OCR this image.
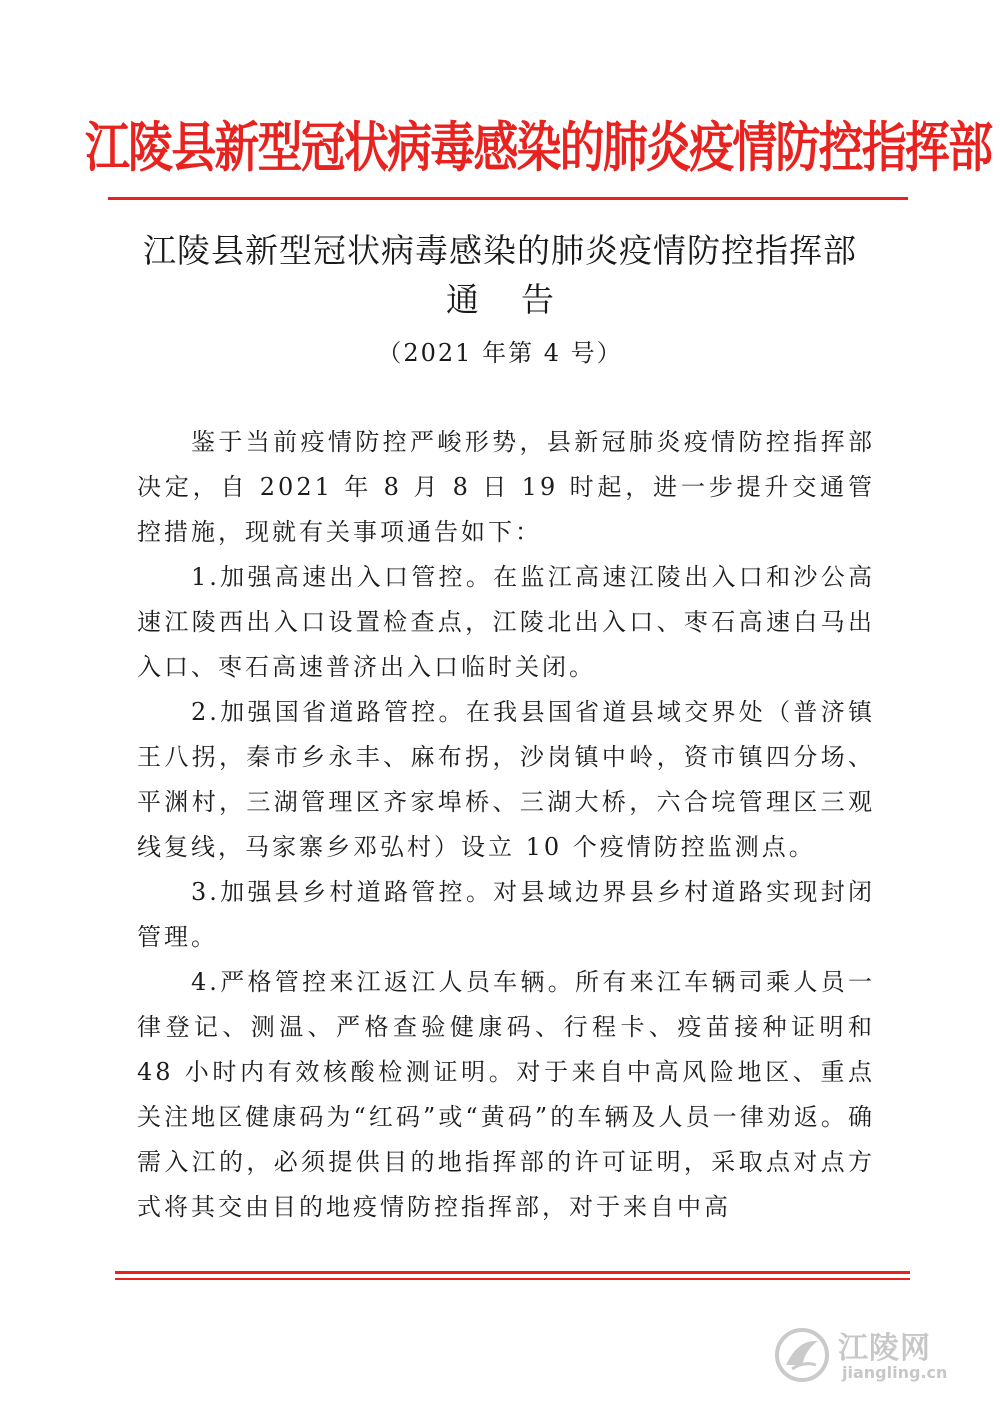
江陵县新型冠状病毒感染的肺炎疫情防控指挥部
江陵县新型冠状病毒感染的肺炎疫情防控指挥部
通告
（2021 年第 4 号）

鉴于当前疫情防控严峻形势，县新冠肺炎疫情防控指挥部决定，自 2021 年 8 月 8 日 19 时起，进一步提升交通管控措施，现就有关事项通告如下：

1.加强高速出入口管控。在监江高速江陵出入口和沙公高速江陵西出入口设置检查点，江陵北出入口、枣石高速白马出入口、枣石高速普济出入口临时关闭。

2.加强国省道路管控。在我县国省道县域交界处（普济镇王八拐，秦市乡永丰、麻布拐，沙岗镇中岭，资市镇四分场、平渊村，三湖管理区齐家埠桥、三湖大桥，六合垸管理区三观线复线，马家寨乡邓弘村）设立 10 个疫情防控监测点。

3.加强县乡村道路管控。对县域边界县乡村道路实现封闭管理。

4.严格管控来江返江人员车辆。所有来江车辆司乘人员一律登记、测温、严格查验健康码、行程卡、疫苗接种证明和 48 小时内有效核酸检测证明。对于来自中高风险地区、重点关注地区健康码为“红码”或“黄码”的车辆及人员一律劝返。确需入江的，必须提供目的地指挥部的许可证明，采取点对点方式将其交由目的地疫情防控指挥部，对于来自中高

江陵网
jiangling.cn
